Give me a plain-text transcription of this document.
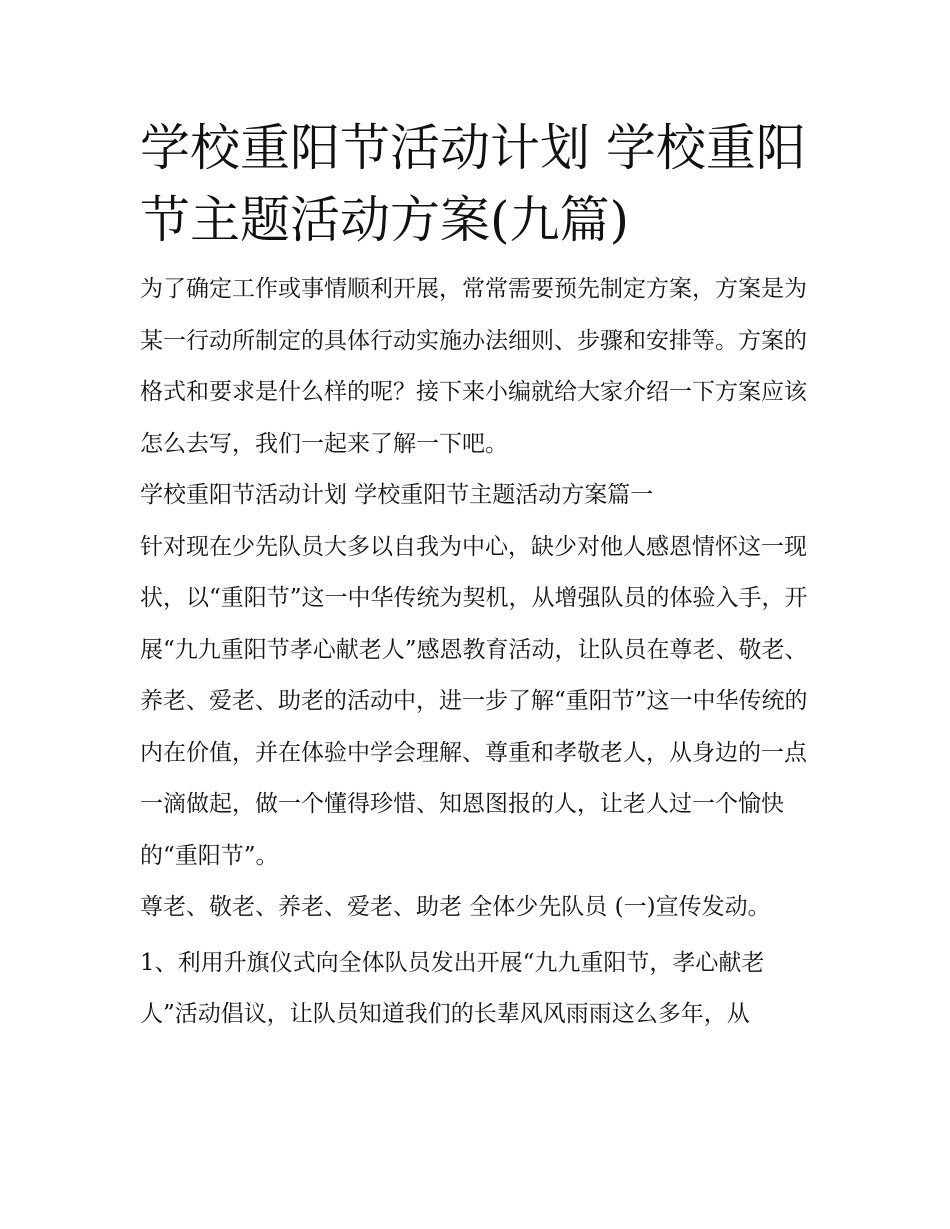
学校重阳节活动计划 学校重阳节主题活动方案(九篇)

为了确定工作或事情顺利开展，常常需要预先制定方案，方案是为某一行动所制定的具体行动实施办法细则、步骤和安排等。方案的格式和要求是什么样的呢？接下来小编就给大家介绍一下方案应该怎么去写，我们一起来了解一下吧。

学校重阳节活动计划 学校重阳节主题活动方案篇一

针对现在少先队员大多以自我为中心，缺少对他人感恩情怀这一现状，以“重阳节”这一中华传统为契机，从增强队员的体验入手，开展“九九重阳节孝心献老人”感恩教育活动，让队员在尊老、敬老、养老、爱老、助老的活动中，进一步了解“重阳节”这一中华传统的内在价值，并在体验中学会理解、尊重和孝敬老人，从身边的一点一滴做起，做一个懂得珍惜、知恩图报的人，让老人过一个愉快的“重阳节”。

尊老、敬老、养老、爱老、助老 全体少先队员 (一)宣传发动。

1、利用升旗仪式向全体队员发出开展“九九重阳节，孝心献老人”活动倡议，让队员知道我们的长辈风风雨雨这么多年，从
